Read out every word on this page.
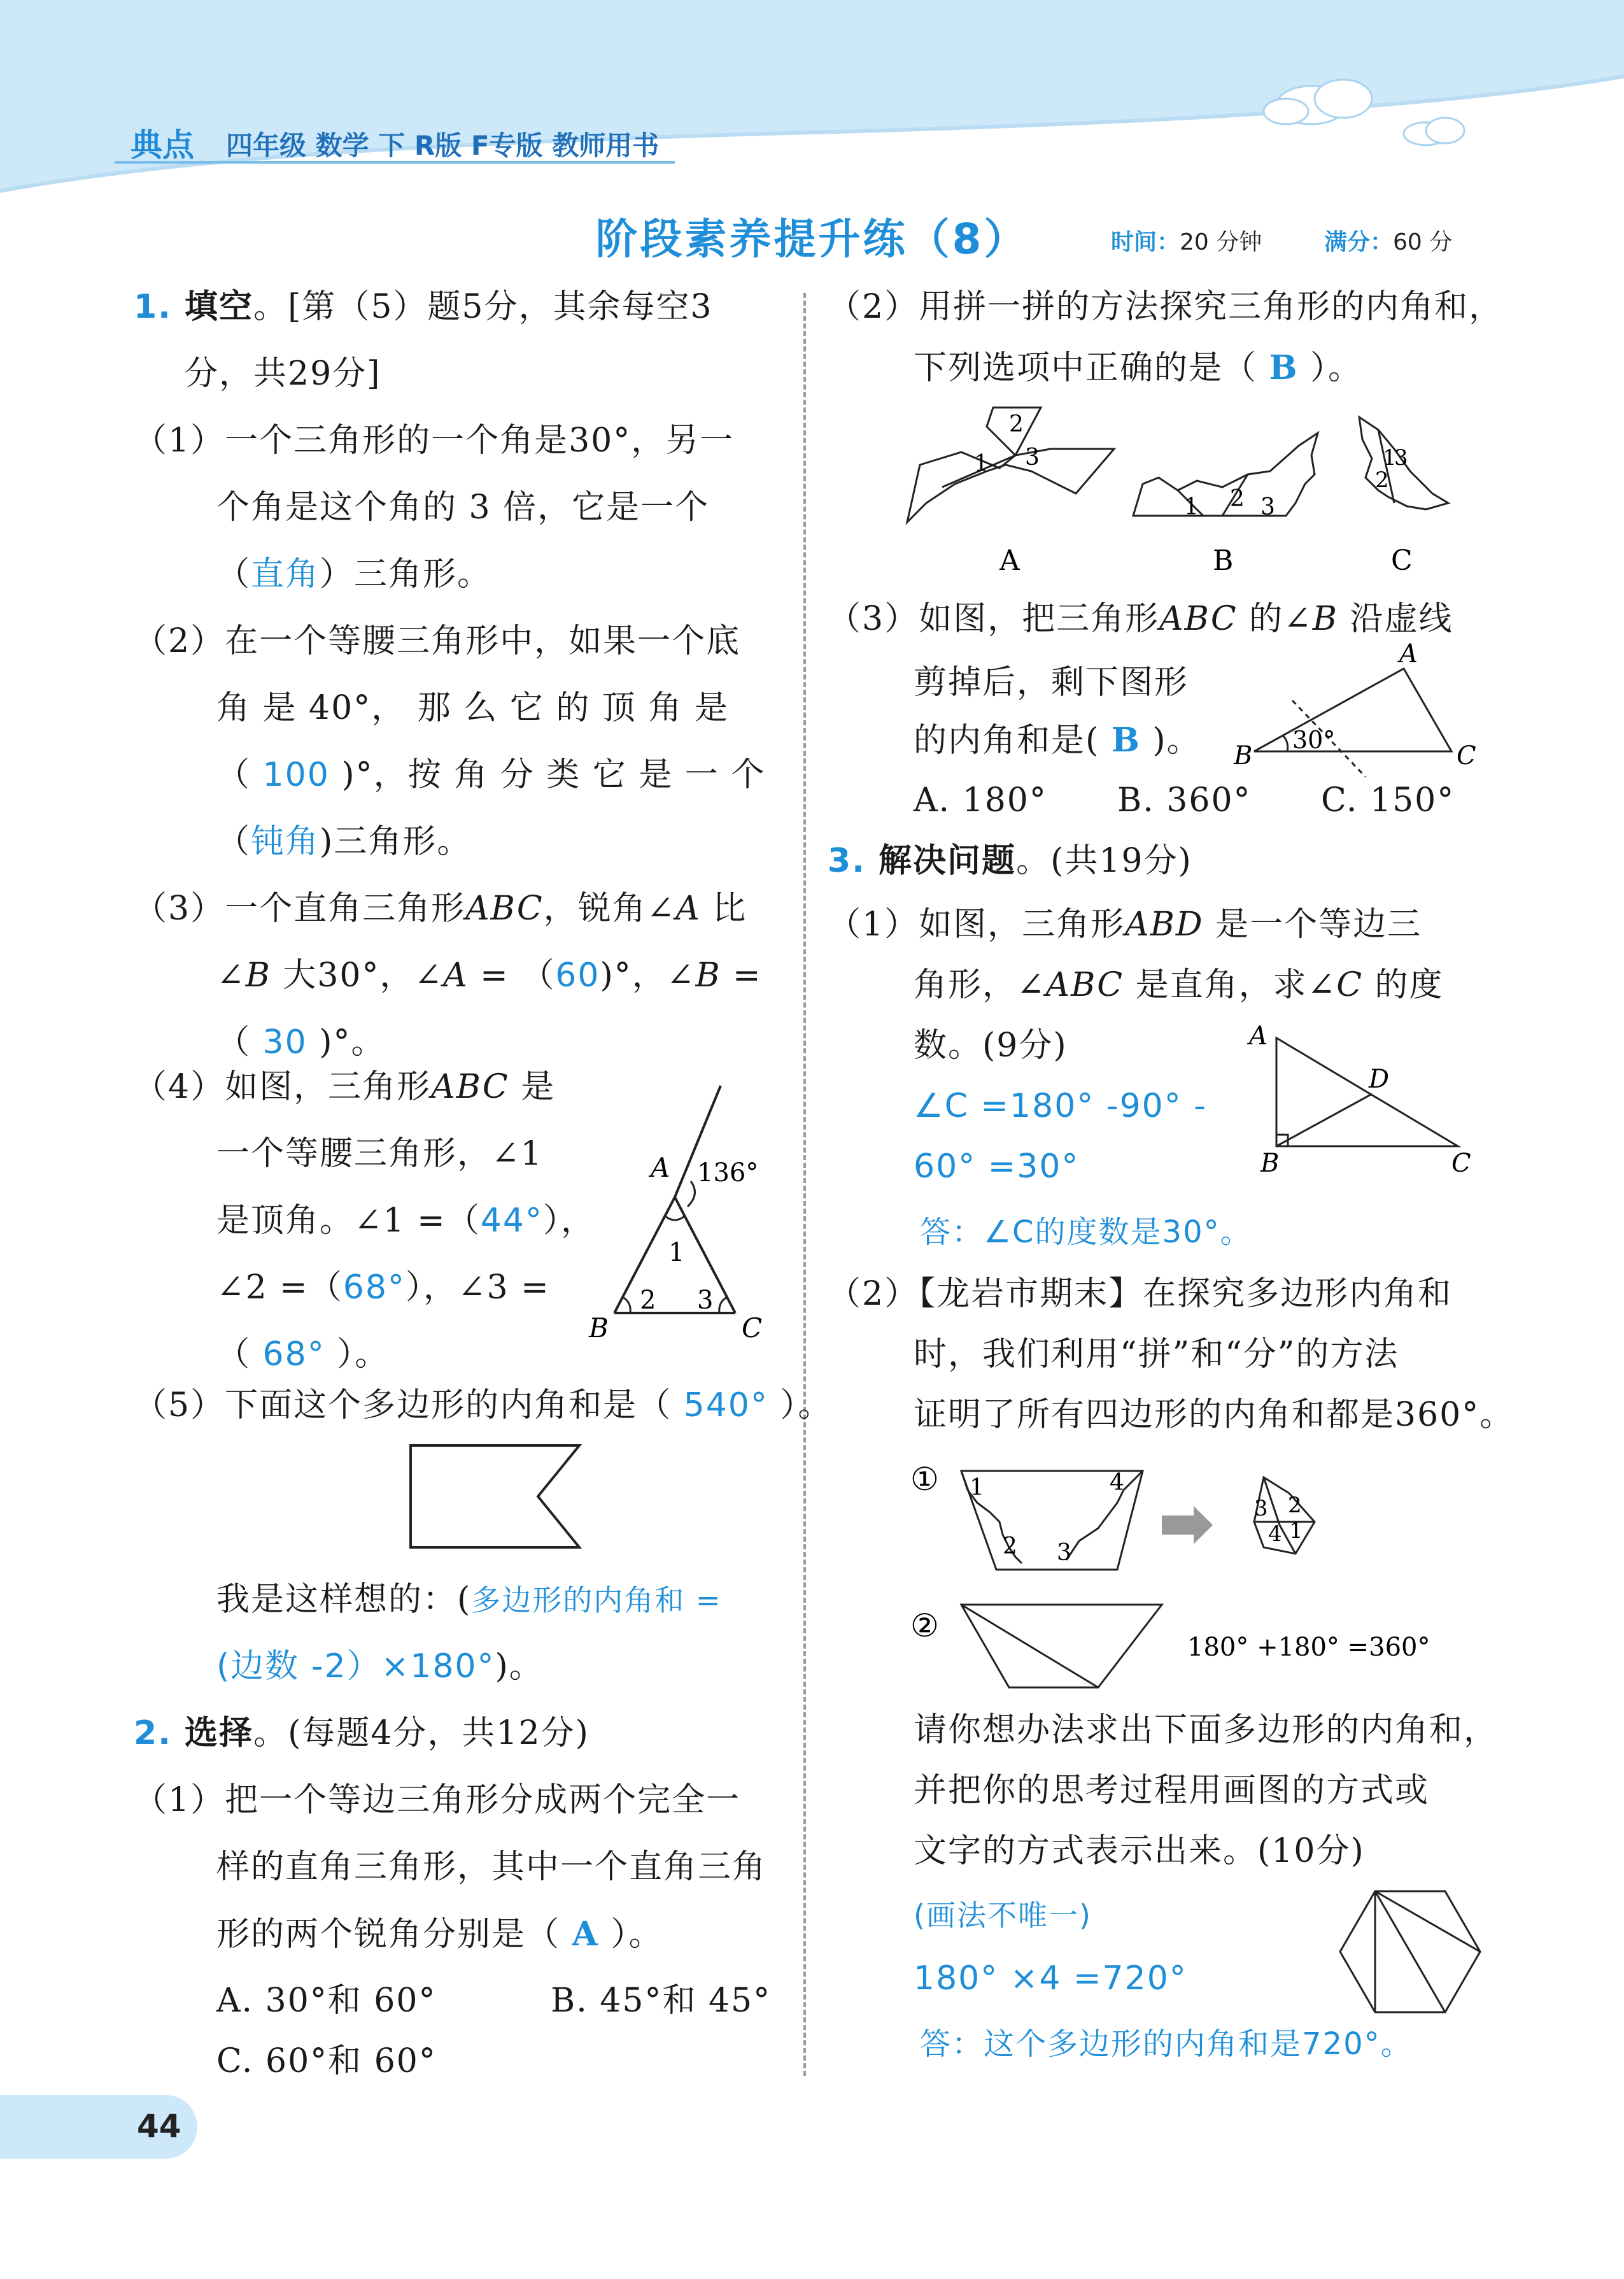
典点 四年级 数学 下 R版 F专版 教师用书
阶段素养提升练（8）	时间：20 分钟	满分：60 分
1. 填空。[第（5）题5分，其余每空3
分，共29分]
（1）一个三角形的一个角是30°，另一
个角是这个角的 3 倍，它是一个
（直角）三角形。
（2）在一个等腰三角形中，如果一个底
角 是 40°， 那 么 它 的 顶 角 是
（ 100 )°，按 角 分 类 它 是 一 个
（钝角)三角形。
（3）一个直角三角形ABC，锐角∠A 比
∠B 大30°，∠A = （60)°，∠B =
（ 30 )°。
（4）如图，三角形ABC 是
一个等腰三角形，∠1
是顶角。∠1 =（44°），
∠2 =（68°），∠3 =
（ 68° ）。
A 136°
1
2 3
B	C
（5）下面这个多边形的内角和是（ 540° ）。
我是这样想的：(多边形的内角和 =
(边数 -2）×180°)。
2. 选择。(每题4分，共12分)
（1）把一个等边三角形分成两个完全一
样的直角三角形，其中一个直角三角
形的两个锐角分别是（ A ）。
A. 30°和 60°	B. 45°和 45°
C. 60°和 60°
44
（2）用拼一拼的方法探究三角形的内角和，
下列选项中正确的是（ B ）。
1
2
3
A
1 2 3
B
1
2
3
C
（3）如图，把三角形ABC 的∠B 沿虚线
剪掉后，剩下图形
的内角和是( B )。
A
B	C
30°
A. 180° B. 360° C. 150°
3. 解决问题。(共19分)
（1）如图，三角形ABD 是一个等边三
角形，∠ABC 是直角，求∠C 的度
数。(9分)	A
B	C
D
∠C =180° -90° -
60° =30°
答：∠C的度数是30°。
（2）【龙岩市期末】在探究多边形内角和
时，我们利用“拼”和“分”的方法
证明了所有四边形的内角和都是360°。
① 1
2 3
4
2
3
4 1
②
180° +180° =360°
请你想办法求出下面多边形的内角和，
并把你的思考过程用画图的方式或
文字的方式表示出来。(10分)
(画法不唯一)
180° ×4 =720°
答：这个多边形的内角和是720°。
